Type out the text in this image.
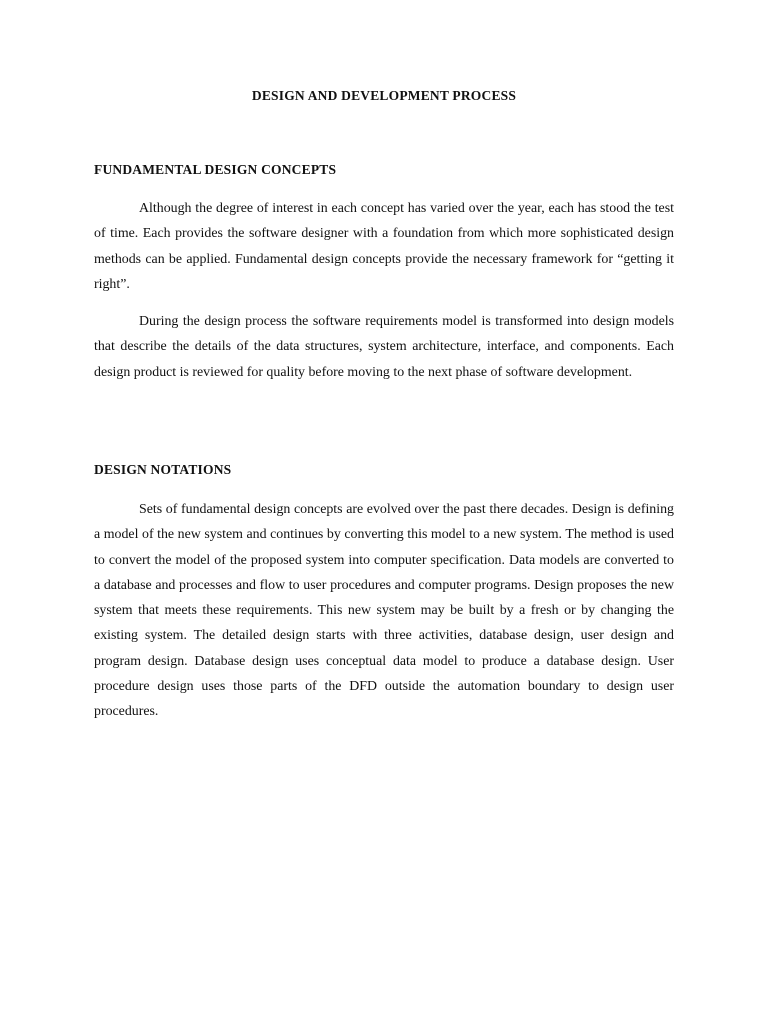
DESIGN AND DEVELOPMENT PROCESS
FUNDAMENTAL DESIGN CONCEPTS

Although the degree of interest in each concept has varied over the year, each has stood the test of time. Each provides the software designer with a foundation from which more sophisticated design methods can be applied. Fundamental design concepts provide the necessary framework for “getting it right”.

During the design process the software requirements model is transformed into design models that describe the details of the data structures, system architecture, interface, and components. Each design product is reviewed for quality before moving to the next phase of software development.

DESIGN NOTATIONS

Sets of fundamental design concepts are evolved over the past there decades. Design is defining a model of the new system and continues by converting this model to a new system. The method is used to convert the model of the proposed system into computer specification. Data models are converted to a database and processes and flow to user procedures and computer programs. Design proposes the new system that meets these requirements. This new system may be built by a fresh or by changing the existing system. The detailed design starts with three activities, database design, user design and program design. Database design uses conceptual data model to produce a database design. User procedure design uses those parts of the DFD outside the automation boundary to design user procedures.
